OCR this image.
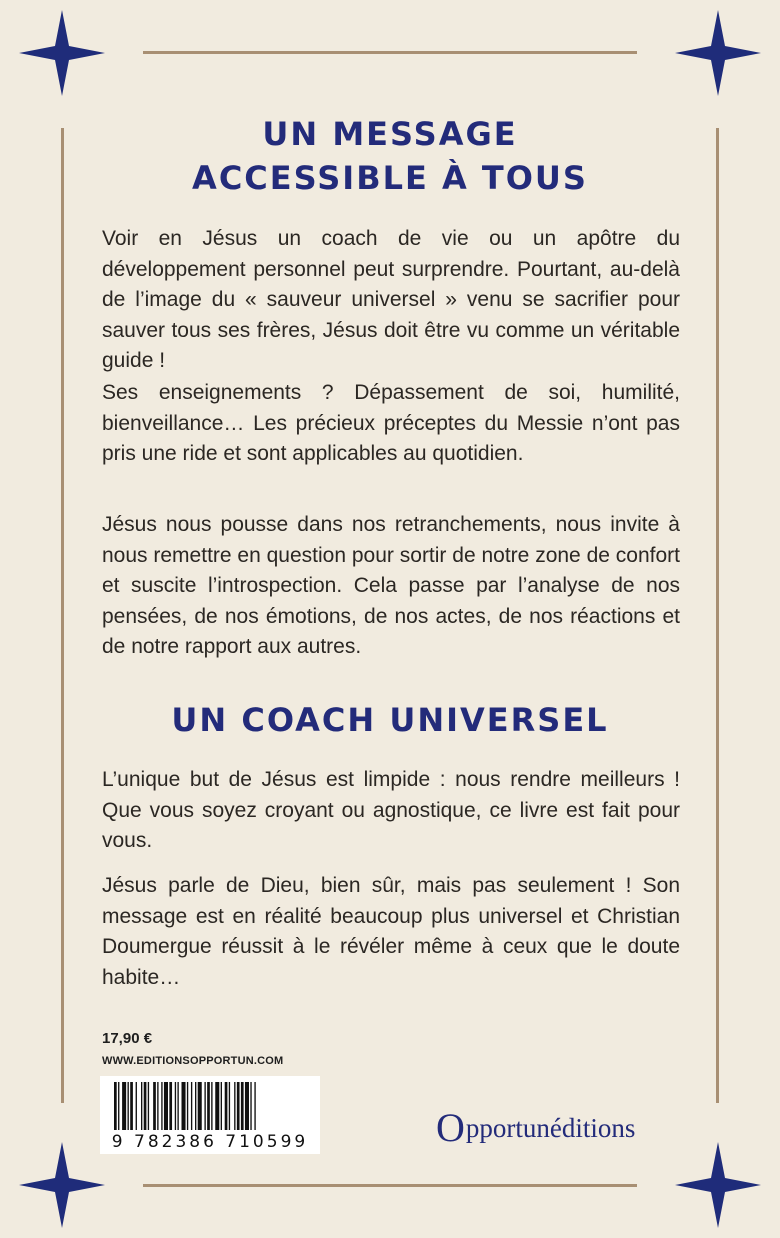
UN MESSAGE
ACCESSIBLE À TOUS

Voir en Jésus un coach de vie ou un apôtre du développement personnel peut surprendre. Pourtant, au-delà de l’image du « sauveur universel » venu se sacrifier pour sauver tous ses frères, Jésus doit être vu comme un véritable guide !

Ses enseignements ? Dépassement de soi, humilité, bienveillance… Les précieux préceptes du Messie n’ont pas pris une ride et sont applicables au quotidien.

Jésus nous pousse dans nos retranchements, nous invite à nous remettre en question pour sortir de notre zone de confort et suscite l’introspection. Cela passe par l’analyse de nos pensées, de nos émotions, de nos actes, de nos réactions et de notre rapport aux autres.

UN COACH UNIVERSEL

L’unique but de Jésus est limpide : nous rendre meilleurs ! Que vous soyez croyant ou agnostique, ce livre est fait pour vous.

Jésus parle de Dieu, bien sûr, mais pas seulement ! Son message est en réalité beaucoup plus universel et Christian Doumergue réussit à le révéler même à ceux que le doute habite…

17,90 €
WWW.EDITIONSOPPORTUN.COM
9 782386 710599	Opportunéditions
